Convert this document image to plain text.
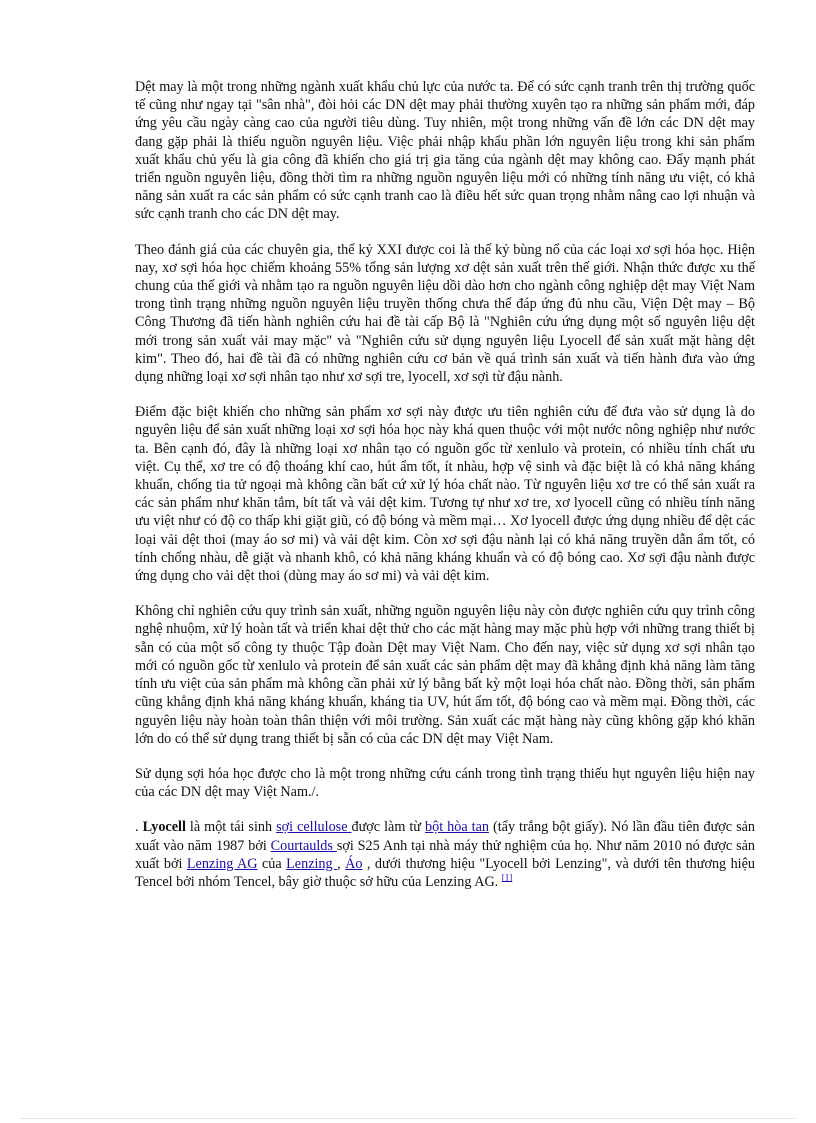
Dệt may là một trong những ngành xuất khẩu chủ lực của nước ta. Để có sức cạnh tranh trên thị trường quốc tế cũng như ngay tại "sân nhà", đòi hỏi các DN dệt may phải thường xuyên tạo ra những sản phẩm mới, đáp ứng yêu cầu ngày càng cao của người tiêu dùng. Tuy nhiên, một trong những vấn đề lớn các DN dệt may đang gặp phải là thiếu nguồn nguyên liệu. Việc phải nhập khẩu phần lớn nguyên liệu trong khi sản phẩm xuất khẩu chủ yếu là gia công đã khiến cho giá trị gia tăng của ngành dệt may không cao. Đẩy mạnh phát triển nguồn nguyên liệu, đồng thời tìm ra những nguồn nguyên liệu mới có những tính năng ưu việt, có khả năng sản xuất ra các sản phẩm có sức cạnh tranh cao là điều hết sức quan trọng nhằm nâng cao lợi nhuận và sức cạnh tranh cho các DN dệt may.

Theo đánh giá của các chuyên gia, thế kỷ XXI được coi là thế kỷ bùng nổ của các loại xơ sợi hóa học. Hiện nay, xơ sợi hóa học chiếm khoảng 55% tổng sản lượng xơ dệt sản xuất trên thế giới. Nhận thức được xu thế chung của thế giới và nhằm tạo ra nguồn nguyên liệu dồi dào hơn cho ngành công nghiệp dệt may Việt Nam trong tình trạng những nguồn nguyên liệu truyền thống chưa thể đáp ứng đủ nhu cầu, Viện Dệt may – Bộ Công Thương đã tiến hành nghiên cứu hai đề tài cấp Bộ là "Nghiên cứu ứng dụng một số nguyên liệu dệt mới trong sản xuất vải may mặc" và "Nghiên cứu sử dụng nguyên liệu Lyocell để sản xuất mặt hàng dệt kim". Theo đó, hai đề tài đã có những nghiên cứu cơ bản về quá trình sản xuất và tiến hành đưa vào ứng dụng những loại xơ sợi nhân tạo như xơ sợi tre, lyocell, xơ sợi từ đậu nành.

Điểm đặc biệt khiến cho những sản phẩm xơ sợi này được ưu tiên nghiên cứu để đưa vào sử dụng là do nguyên liệu để sản xuất những loại xơ sợi hóa học này khá quen thuộc với một nước nông nghiệp như nước ta. Bên cạnh đó, đây là những loại xơ nhân tạo có nguồn gốc từ xenlulo và protein, có nhiều tính chất ưu việt. Cụ thể, xơ tre có độ thoáng khí cao, hút ẩm tốt, ít nhàu, hợp vệ sinh và đặc biệt là có khả năng kháng khuẩn, chống tia tử ngoại mà không cần bất cứ xử lý hóa chất nào. Từ nguyên liệu xơ tre có thể sản xuất ra các sản phẩm như khăn tắm, bít tất và vải dệt kim. Tương tự như xơ tre, xơ lyocell cũng có nhiều tính năng ưu việt như có độ co thấp khi giặt giũ, có độ bóng và mềm mại… Xơ lyocell được ứng dụng nhiều để dệt các loại vải dệt thoi (may áo sơ mi) và vải dệt kim. Còn xơ sợi đậu nành lại có khả năng truyền dẫn ẩm tốt, có tính chống nhàu, dễ giặt và nhanh khô, có khả năng kháng khuẩn và có độ bóng cao. Xơ sợi đậu nành được ứng dụng cho vải dệt thoi (dùng may áo sơ mi) và vải dệt kim.

Không chỉ nghiên cứu quy trình sản xuất, những nguồn nguyên liệu này còn được nghiên cứu quy trình công nghệ nhuộm, xử lý hoàn tất và triển khai dệt thử cho các mặt hàng may mặc phù hợp với những trang thiết bị sẵn có của một số công ty thuộc Tập đoàn Dệt may Việt Nam. Cho đến nay, việc sử dụng xơ sợi nhân tạo mới có nguồn gốc từ xenlulo và protein để sản xuất các sản phẩm dệt may đã khẳng định khả năng làm tăng tính ưu việt của sản phẩm mà không cần phải xử lý bằng bất kỳ một loại hóa chất nào. Đồng thời, sản phẩm cũng khẳng định khả năng kháng khuẩn, kháng tia UV, hút ẩm tốt, độ bóng cao và mềm mại. Đồng thời, các nguyên liệu này hoàn toàn thân thiện với môi trường. Sản xuất các mặt hàng này cũng không gặp khó khăn lớn do có thể sử dụng trang thiết bị sẵn có của các DN dệt may Việt Nam.

Sử dụng sợi hóa học được cho là một trong những cứu cánh trong tình trạng thiếu hụt nguyên liệu hiện nay của các DN dệt may Việt Nam./.

. Lyocell là một tái sinh sợi cellulose được làm từ bột hòa tan (tẩy trắng bột giấy). Nó lần đầu tiên được sản xuất vào năm 1987 bởi Courtaulds sợi S25 Anh tại nhà máy thử nghiệm của họ. Như năm 2010 nó được sản xuất bởi Lenzing AG của Lenzing , Áo , dưới thương hiệu "Lyocell bởi Lenzing", và dưới tên thương hiệu Tencel bởi nhóm Tencel, bây giờ thuộc sở hữu của Lenzing AG. [1]
